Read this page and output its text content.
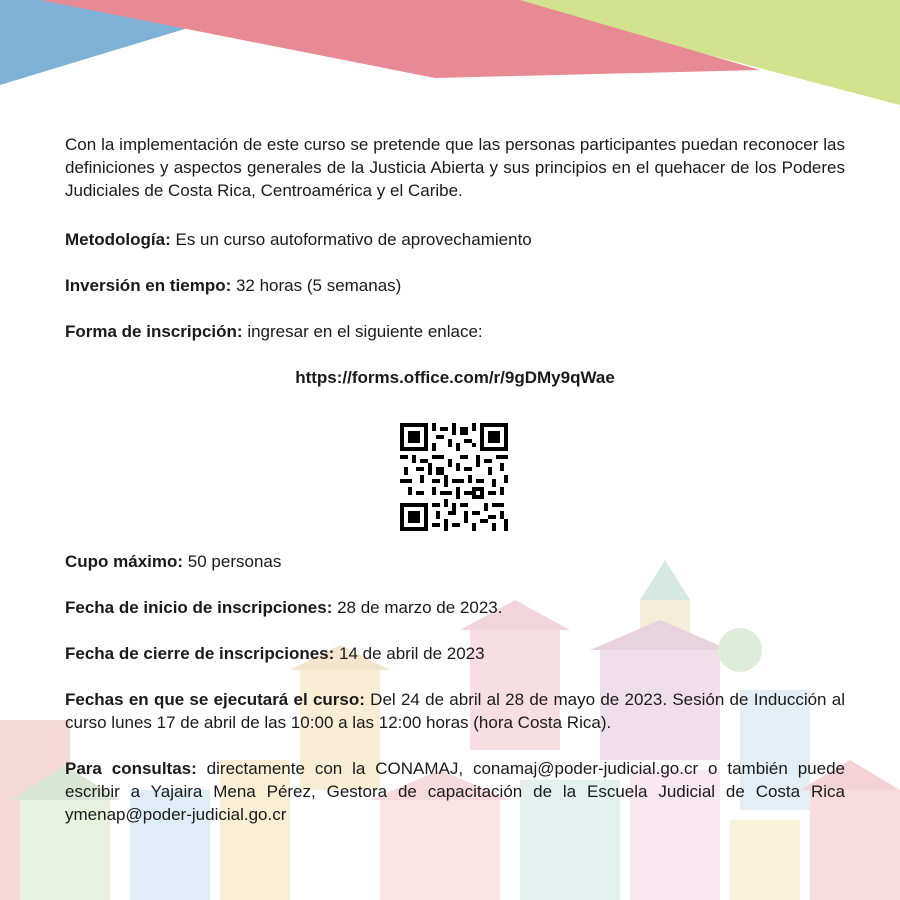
Con la implementación de este curso se pretende que las personas participantes puedan reconocer las definiciones y aspectos generales de la Justicia Abierta y sus principios en el quehacer de los Poderes Judiciales de Costa Rica, Centroamérica y el Caribe.

Metodología: Es un curso autoformativo de aprovechamiento

Inversión en tiempo: 32 horas (5 semanas)

Forma de inscripción: ingresar en el siguiente enlace:

https://forms.office.com/r/9gDMy9qWae

Cupo máximo: 50 personas

Fecha de inicio de inscripciones: 28 de marzo de 2023.

Fecha de cierre de inscripciones: 14 de abril de 2023

Fechas en que se ejecutará el curso: Del 24 de abril al 28 de mayo de 2023. Sesión de Inducción al curso lunes 17 de abril de las 10:00 a las 12:00 horas (hora Costa Rica).

Para consultas: directamente con la CONAMAJ, conamaj@poder-judicial.go.cr o también puede escribir a Yajaira Mena Pérez, Gestora de capacitación de la Escuela Judicial de Costa Rica ymenap@poder-judicial.go.cr
